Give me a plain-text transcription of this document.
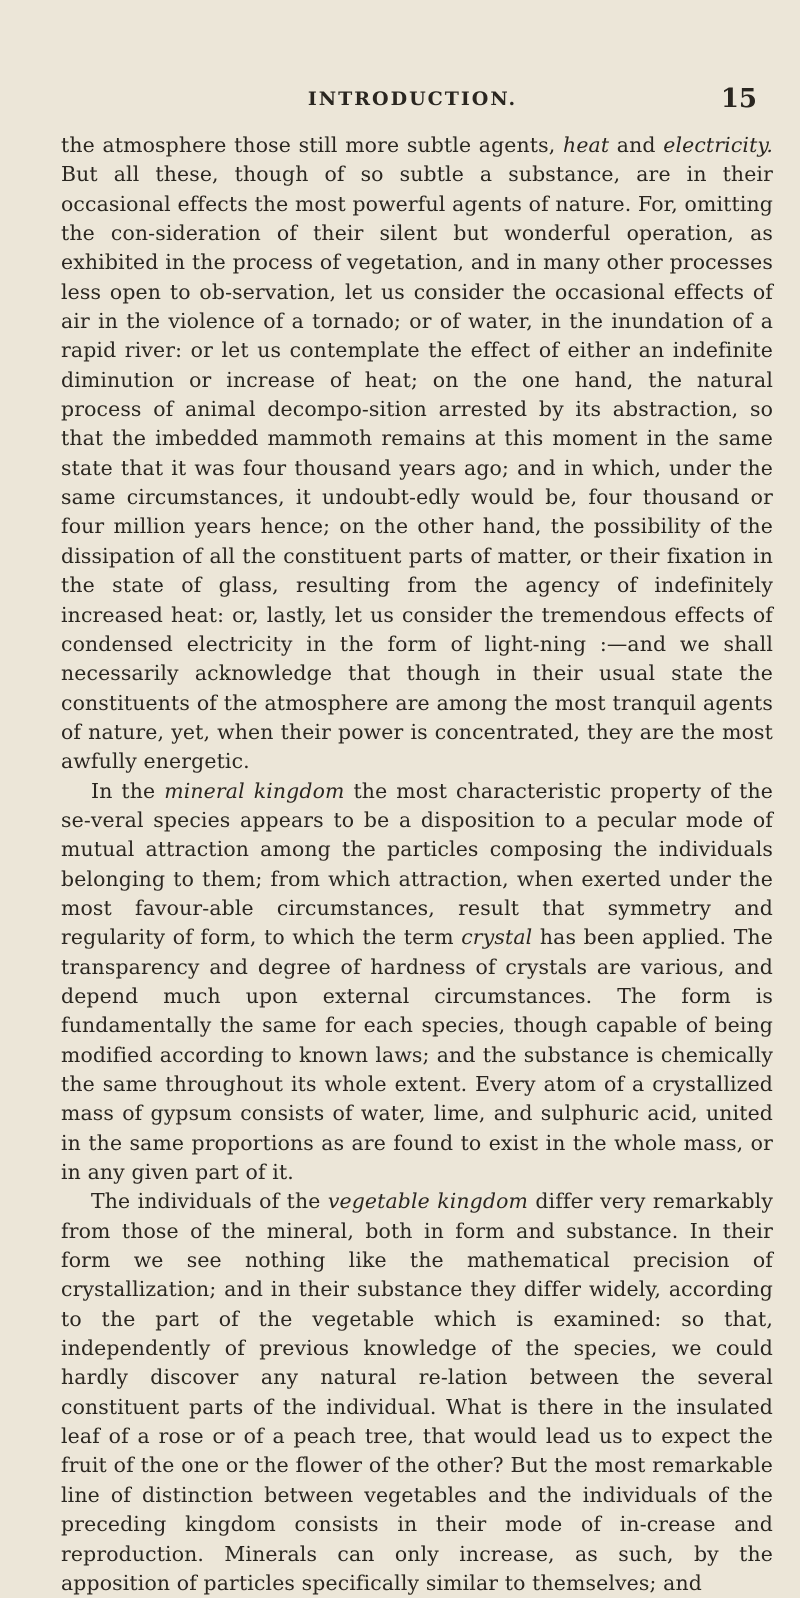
INTRODUCTION.	15

the atmosphere those still more subtle agents, heat and electricity. But all these, though of so subtle a substance, are in their occasional effects the most powerful agents of nature. For, omitting the con-sideration of their silent but wonderful operation, as exhibited in the process of vegetation, and in many other processes less open to ob-servation, let us consider the occasional effects of air in the violence of a tornado; or of water, in the inundation of a rapid river: or let us contemplate the effect of either an indefinite diminution or increase of heat; on the one hand, the natural process of animal decompo-sition arrested by its abstraction, so that the imbedded mammoth remains at this moment in the same state that it was four thousand years ago; and in which, under the same circumstances, it undoubt-edly would be, four thousand or four million years hence; on the other hand, the possibility of the dissipation of all the constituent parts of matter, or their fixation in the state of glass, resulting from the agency of indefinitely increased heat: or, lastly, let us consider the tremendous effects of condensed electricity in the form of light-ning :—and we shall necessarily acknowledge that though in their usual state the constituents of the atmosphere are among the most tranquil agents of nature, yet, when their power is concentrated, they are the most awfully energetic.

In the mineral kingdom the most characteristic property of the se-veral species appears to be a disposition to a pecular mode of mutual attraction among the particles composing the individuals belonging to them; from which attraction, when exerted under the most favour-able circumstances, result that symmetry and regularity of form, to which the term crystal has been applied. The transparency and degree of hardness of crystals are various, and depend much upon external circumstances. The form is fundamentally the same for each species, though capable of being modified according to known laws; and the substance is chemically the same throughout its whole extent. Every atom of a crystallized mass of gypsum consists of water, lime, and sulphuric acid, united in the same proportions as are found to exist in the whole mass, or in any given part of it.

The individuals of the vegetable kingdom differ very remarkably from those of the mineral, both in form and substance. In their form we see nothing like the mathematical precision of crystallization; and in their substance they differ widely, according to the part of the vegetable which is examined: so that, independently of previous knowledge of the species, we could hardly discover any natural re-lation between the several constituent parts of the individual. What is there in the insulated leaf of a rose or of a peach tree, that would lead us to expect the fruit of the one or the flower of the other? But the most remarkable line of distinction between vegetables and the individuals of the preceding kingdom consists in their mode of in-crease and reproduction. Minerals can only increase, as such, by the apposition of particles specifically similar to themselves; and
